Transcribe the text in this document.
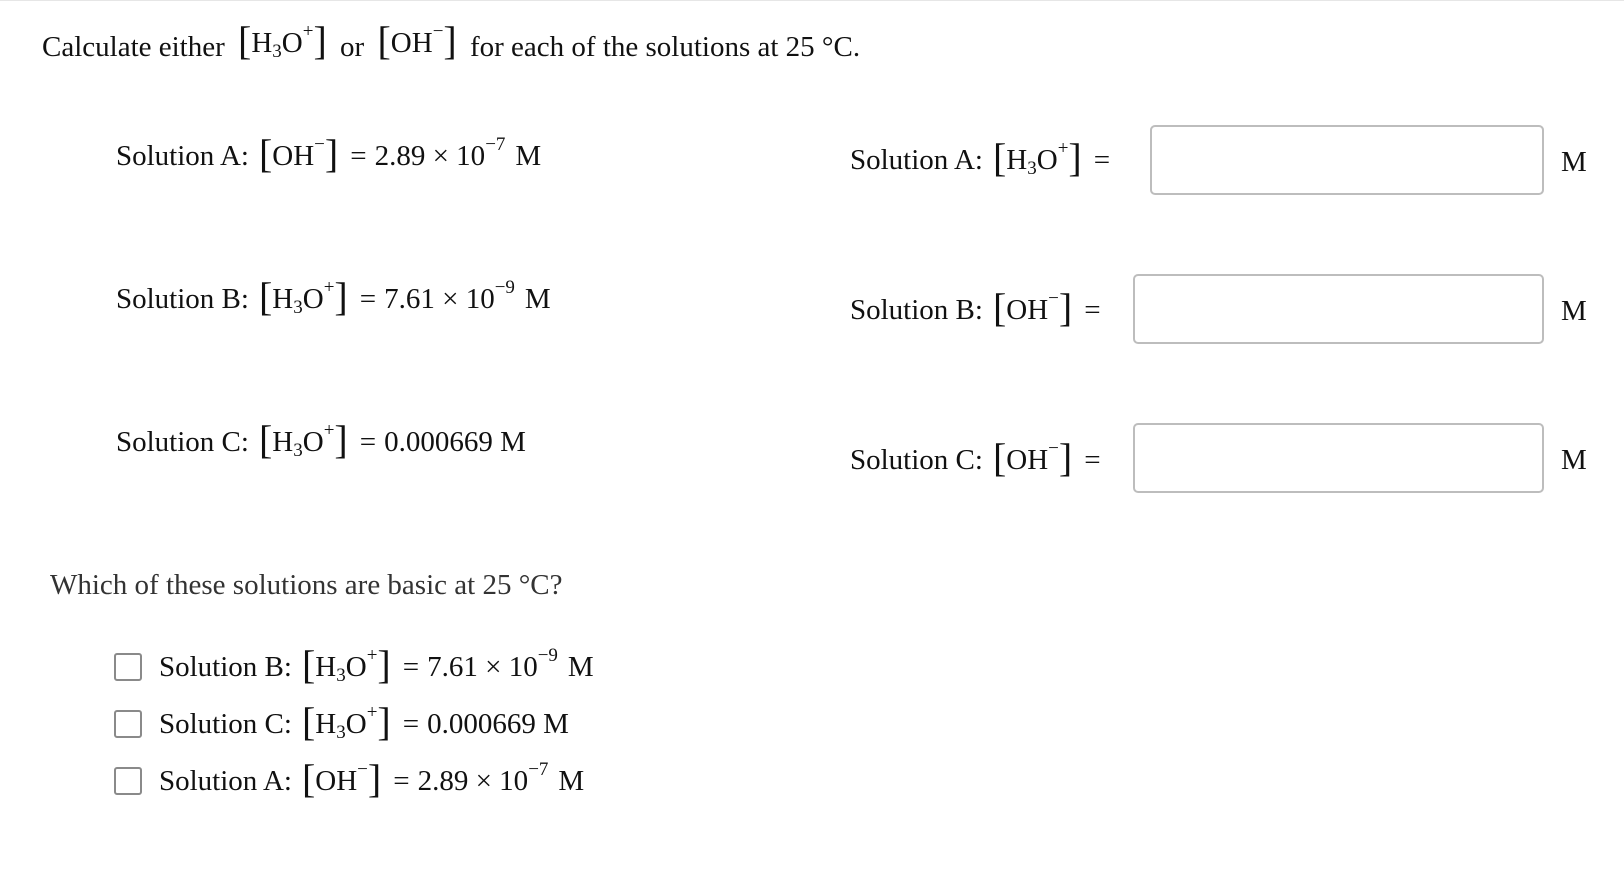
Calculate either [ H 3 O + ] or [ OH − ] for each of the solutions at 25 °C.
Solution A: [ OH − ] = 2.89 × 10 −7 M
Solution B: [ H 3 O + ] = 7.61 × 10 −9 M
Solution C: [ H 3 O + ] = 0.000669 M
Solution A: [ H 3 O + ] =	M
Solution B: [ OH − ] =	M
Solution C: [ OH − ] =	M
Which of these solutions are basic at 25 °C?
Solution B: [ H 3 O + ] = 7.61 × 10 −9 M
Solution C: [ H 3 O + ] = 0.000669 M
Solution A: [ OH − ] = 2.89 × 10 −7 M
